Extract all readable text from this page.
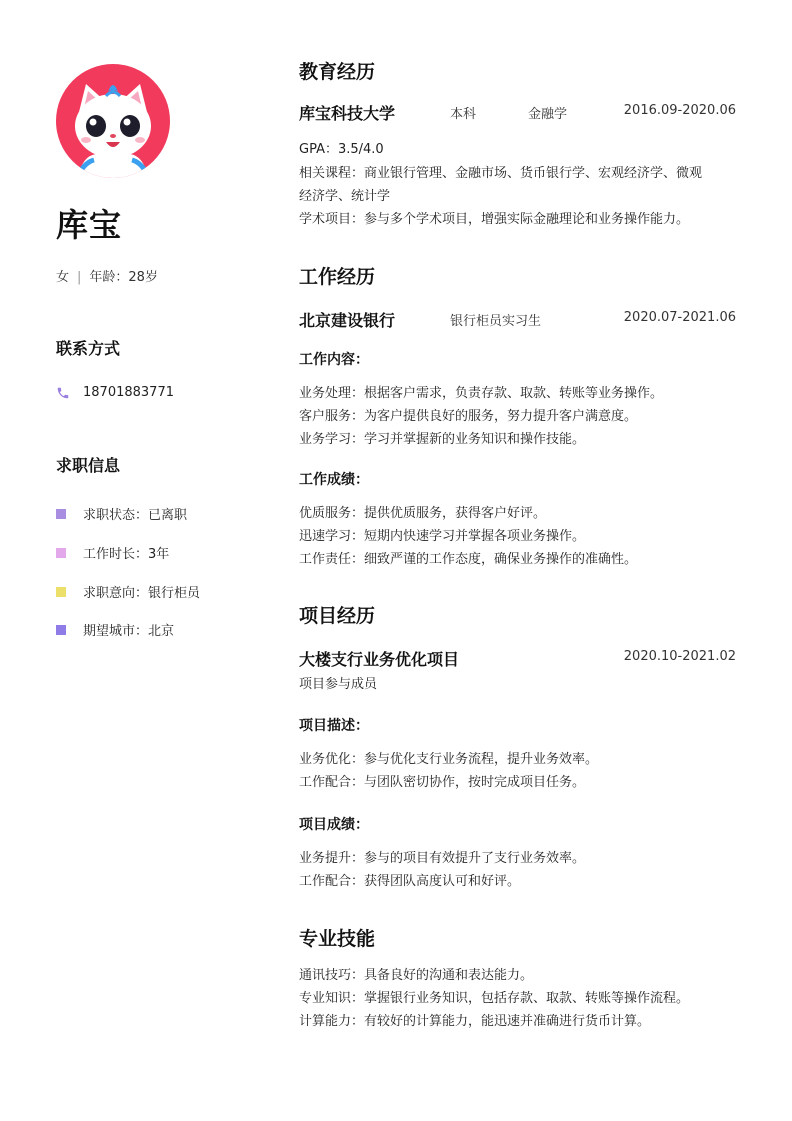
库宝
女 | 年龄：28岁
联系方式
18701883771
求职信息
求职状态：已离职
工作时长：3年
求职意向：银行柜员
期望城市：北京
教育经历
库宝科技大学	本科	金融学	2016.09-2020.06
GPA：3.5/4.0
相关课程：商业银行管理、金融市场、货币银行学、宏观经济学、微观
经济学、统计学
学术项目：参与多个学术项目，增强实际金融理论和业务操作能力。
工作经历
北京建设银行	银行柜员实习生	2020.07-2021.06
工作内容：
业务处理：根据客户需求，负责存款、取款、转账等业务操作。
客户服务：为客户提供良好的服务，努力提升客户满意度。
业务学习：学习并掌握新的业务知识和操作技能。
工作成绩：
优质服务：提供优质服务，获得客户好评。
迅速学习：短期内快速学习并掌握各项业务操作。
工作责任：细致严谨的工作态度，确保业务操作的准确性。
项目经历
大楼支行业务优化项目	2020.10-2021.02
项目参与成员
项目描述：
业务优化：参与优化支行业务流程，提升业务效率。
工作配合：与团队密切协作，按时完成项目任务。
项目成绩：
业务提升：参与的项目有效提升了支行业务效率。
工作配合：获得团队高度认可和好评。
专业技能
通讯技巧：具备良好的沟通和表达能力。
专业知识：掌握银行业务知识，包括存款、取款、转账等操作流程。
计算能力：有较好的计算能力，能迅速并准确进行货币计算。
